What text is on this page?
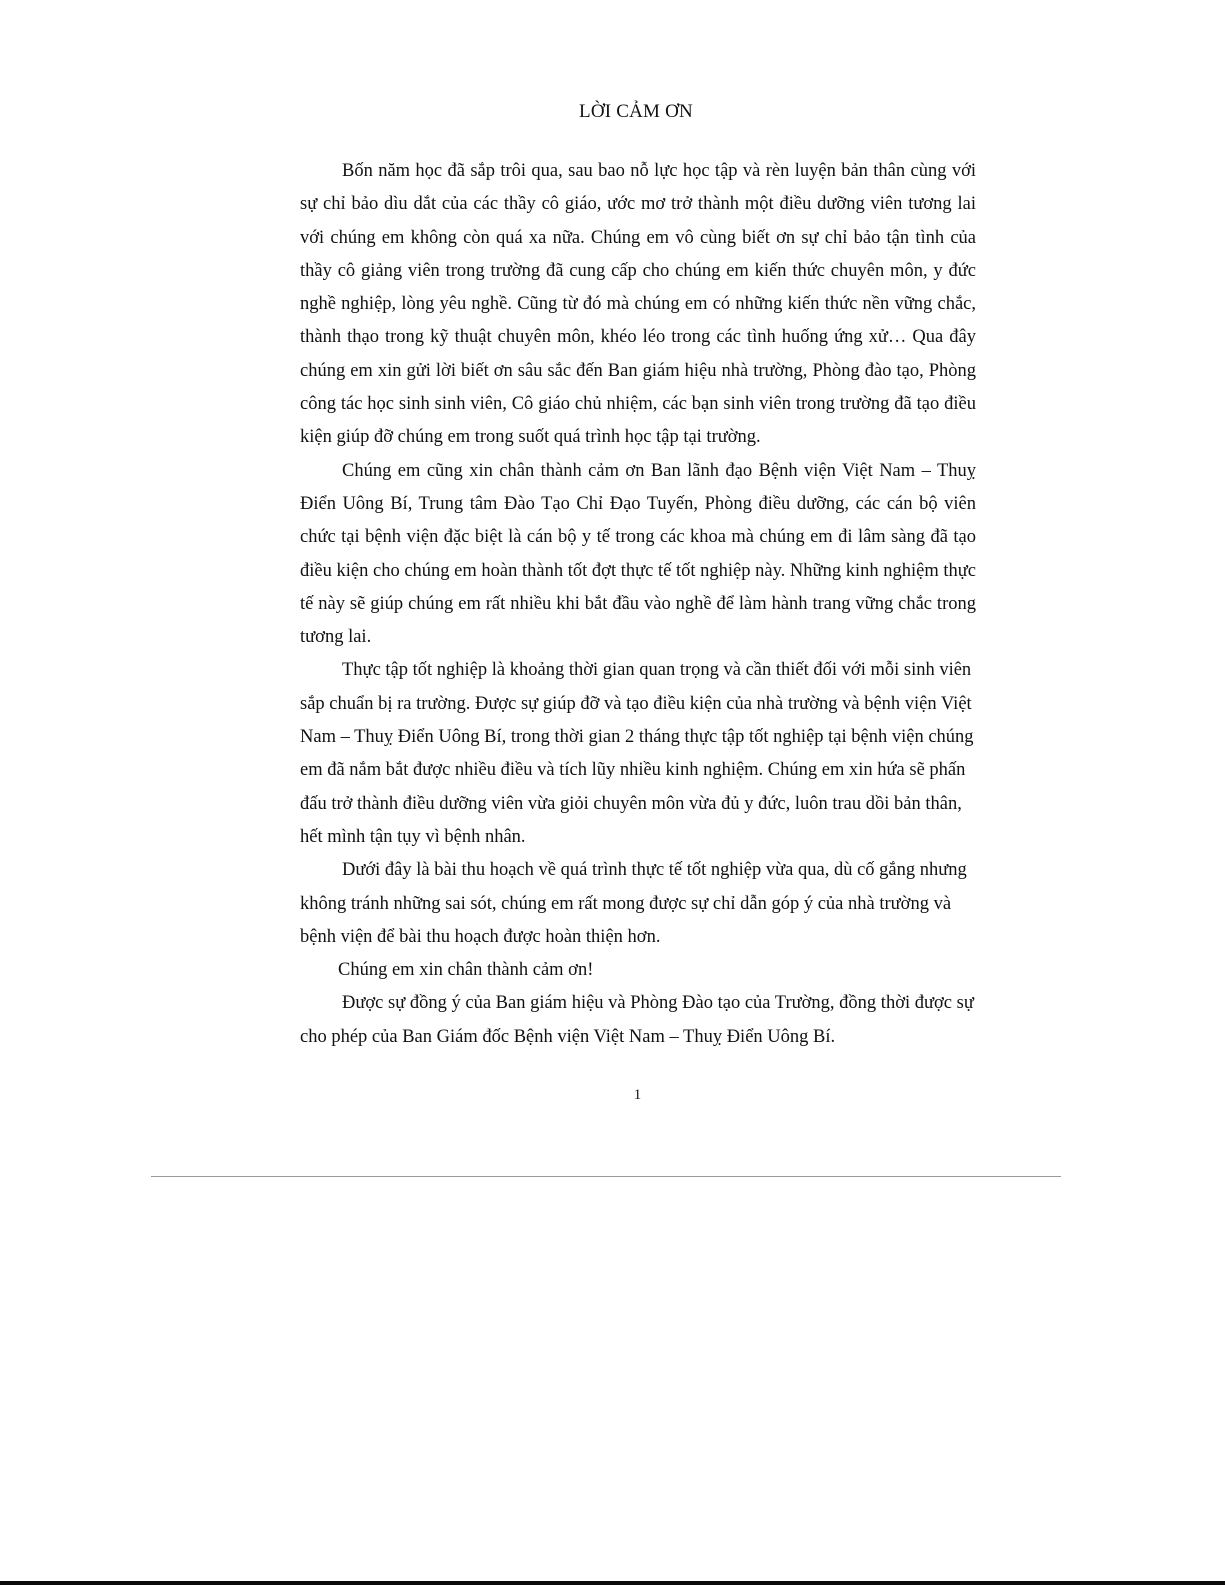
LỜI CẢM ƠN

Bốn năm học đã sắp trôi qua, sau bao nỗ lực học tập và rèn luyện bản thân cùng với sự chỉ bảo dìu dắt của các thầy cô giáo, ước mơ trở thành một điều dưỡng viên tương lai với chúng em không còn quá xa nữa. Chúng em vô cùng biết ơn sự chỉ bảo tận tình của thầy cô giảng viên trong trường đã cung cấp cho chúng em kiến thức chuyên môn, y đức nghề nghiệp, lòng yêu nghề. Cũng từ đó mà chúng em có những kiến thức nền vững chắc, thành thạo trong kỹ thuật chuyên môn, khéo léo trong các tình huống ứng xử… Qua đây chúng em xin gửi lời biết ơn sâu sắc đến Ban giám hiệu nhà trường, Phòng đào tạo, Phòng công tác học sinh sinh viên, Cô giáo chủ nhiệm, các bạn sinh viên trong trường đã tạo điều kiện giúp đỡ chúng em trong suốt quá trình học tập tại trường.

Chúng em cũng xin chân thành cảm ơn Ban lãnh đạo Bệnh viện Việt Nam – Thuỵ Điển Uông Bí, Trung tâm Đào Tạo Chỉ Đạo Tuyến, Phòng điều dưỡng, các cán bộ viên chức tại bệnh viện đặc biệt là cán bộ y tế trong các khoa mà chúng em đi lâm sàng đã tạo điều kiện cho chúng em hoàn thành tốt đợt thực tế tốt nghiệp này. Những kinh nghiệm thực tế này sẽ giúp chúng em rất nhiều khi bắt đầu vào nghề để làm hành trang vững chắc trong tương lai.

Thực tập tốt nghiệp là khoảng thời gian quan trọng và cần thiết đối với mỗi sinh viên sắp chuẩn bị ra trường. Được sự giúp đỡ và tạo điều kiện của nhà trường và bệnh viện Việt Nam – Thuỵ Điển Uông Bí, trong thời gian 2 tháng thực tập tốt nghiệp tại bệnh viện chúng em đã nắm bắt được nhiều điều và tích lũy nhiều kinh nghiệm. Chúng em xin hứa sẽ phấn đấu trở thành điều dưỡng viên vừa giỏi chuyên môn vừa đủ y đức, luôn trau dồi bản thân, hết mình tận tụy vì bệnh nhân.

Dưới đây là bài thu hoạch về quá trình thực tế tốt nghiệp vừa qua, dù cố gắng nhưng không tránh những sai sót, chúng em rất mong được sự chỉ dẫn góp ý của nhà trường và bệnh viện để bài thu hoạch được hoàn thiện hơn.

Chúng em xin chân thành cảm ơn!

Được sự đồng ý của Ban giám hiệu và Phòng Đào tạo của Trường, đồng thời được sự cho phép của Ban Giám đốc Bệnh viện Việt Nam – Thuỵ Điển Uông Bí.

1
